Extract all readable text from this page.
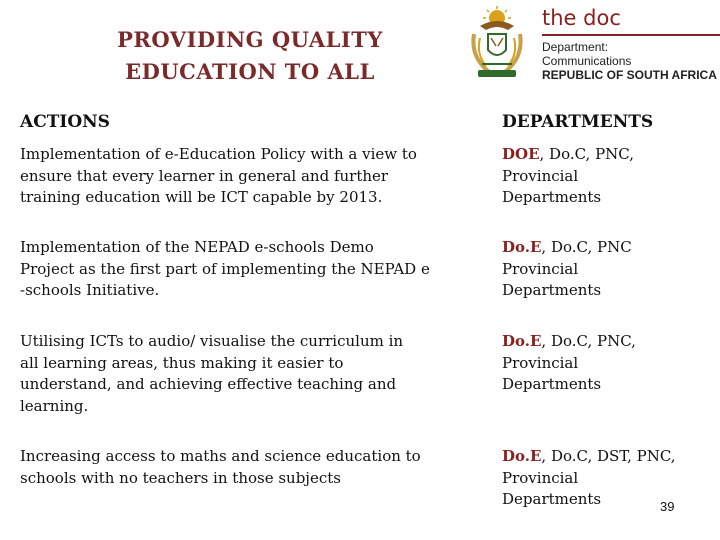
PROVIDING QUALITY
EDUCATION TO ALL
the doc
Department:
Communications
REPUBLIC OF SOUTH AFRICA
ACTIONS	DEPARTMENTS
Implementation of e-Education Policy with a view to
ensure that every learner in general and further
training education will be ICT capable by 2013.
DOE, Do.C, PNC,
Provincial
Departments
Implementation of the NEPAD e-schools Demo
Project as the first part of implementing the NEPAD e
-schools Initiative.
Do.E, Do.C, PNC
Provincial
Departments
Utilising ICTs to audio/ visualise the curriculum in
all learning areas, thus making it easier to
understand, and achieving effective teaching and
learning.
Do.E, Do.C, PNC,
Provincial
Departments
Increasing access to maths and science education to
schools with no teachers in those subjects
Do.E, Do.C, DST, PNC,
Provincial
Departments	39
